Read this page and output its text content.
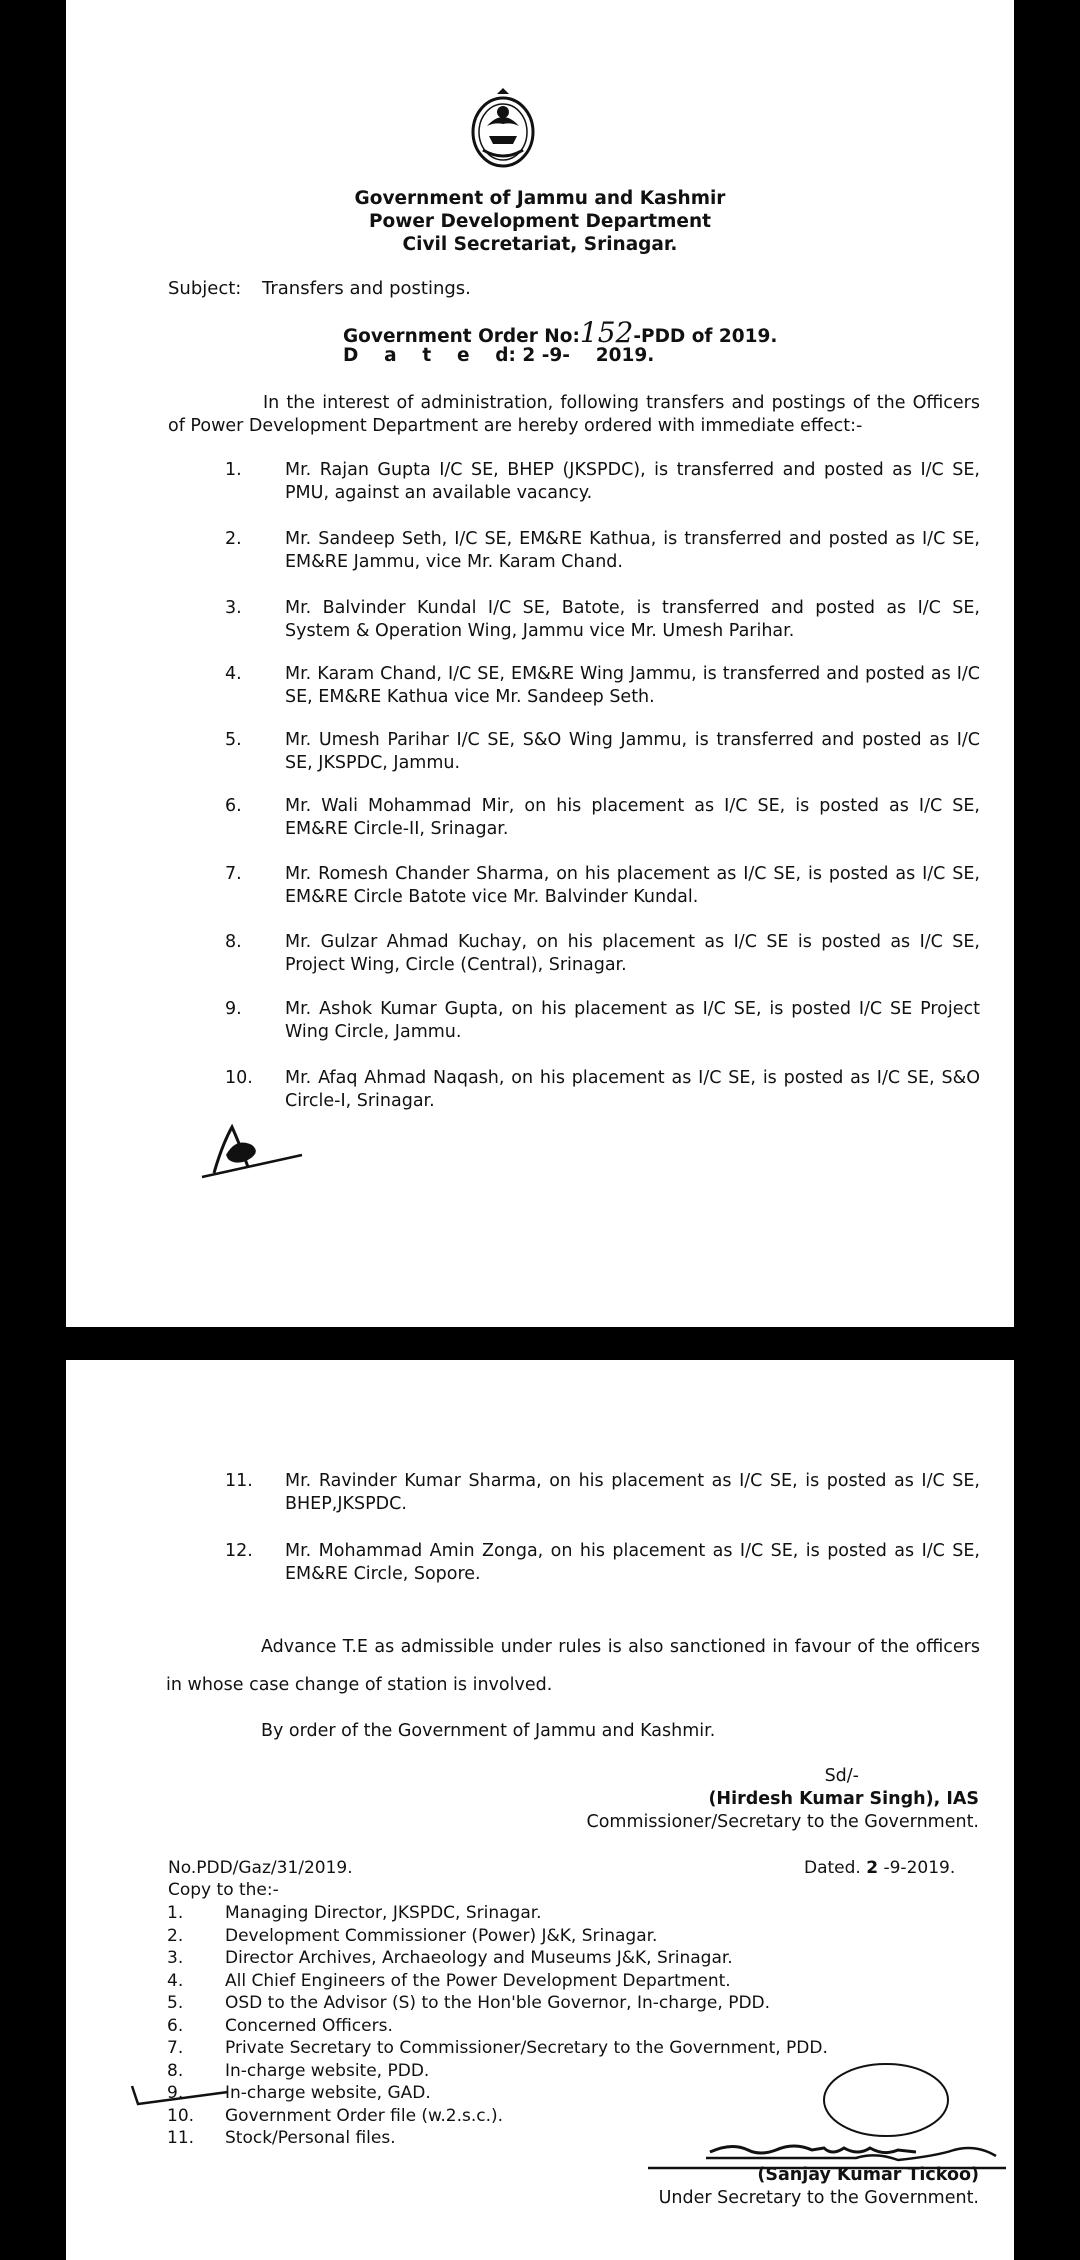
Government of Jammu and Kashmir
Power Development Department
Civil Secretariat, Srinagar.
Subject: Transfers and postings.
Government Order No:152-PDD of 2019.
D    a    t    e    d: 2 -9-    2019.
In the interest of administration, following transfers and postings of the Officers of Power Development Department are hereby ordered with immediate effect:-
1.	Mr. Rajan Gupta I/C SE, BHEP (JKSPDC), is transferred and posted as I/C SE, PMU, against an available vacancy.
2.	Mr. Sandeep Seth, I/C SE, EM&RE Kathua, is transferred and posted as I/C SE, EM&RE Jammu, vice Mr. Karam Chand.
3.	Mr. Balvinder Kundal I/C SE, Batote, is transferred and posted as I/C SE, System & Operation Wing, Jammu vice Mr. Umesh Parihar.
4.	Mr. Karam Chand, I/C SE, EM&RE Wing Jammu, is transferred and posted as I/C SE, EM&RE Kathua vice Mr. Sandeep Seth.
5.	Mr. Umesh Parihar I/C SE, S&O Wing Jammu, is transferred and posted as I/C SE, JKSPDC, Jammu.
6.	Mr. Wali Mohammad Mir, on his placement as I/C SE, is posted as I/C SE, EM&RE Circle-II, Srinagar.
7.	Mr. Romesh Chander Sharma, on his placement as I/C SE, is posted as I/C SE, EM&RE Circle Batote vice Mr. Balvinder Kundal.
8.	Mr. Gulzar Ahmad Kuchay, on his placement as I/C SE is posted as I/C SE, Project Wing, Circle (Central), Srinagar.
9.	Mr. Ashok Kumar Gupta, on his placement as I/C SE, is posted I/C SE Project Wing Circle, Jammu.
10.	Mr. Afaq Ahmad Naqash, on his placement as I/C SE, is posted as I/C SE, S&O Circle-I, Srinagar.
11.	Mr. Ravinder Kumar Sharma, on his placement as I/C SE, is posted as I/C SE, BHEP,JKSPDC.
12.	Mr. Mohammad Amin Zonga, on his placement as I/C SE, is posted as I/C SE, EM&RE Circle, Sopore.
Advance T.E as admissible under rules is also sanctioned in favour of the officers in whose case change of station is involved.
By order of the Government of Jammu and Kashmir.
Sd/-
(Hirdesh Kumar Singh), IAS
Commissioner/Secretary to the Government.
No.PDD/Gaz/31/2019.	Dated. 2 -9-2019.
Copy to the:-
1.	Managing Director, JKSPDC, Srinagar.
2.	Development Commissioner (Power) J&K, Srinagar.
3.	Director Archives, Archaeology and Museums J&K, Srinagar.
4.	All Chief Engineers of the Power Development Department.
5.	OSD to the Advisor (S) to the Hon'ble Governor, In-charge, PDD.
6.	Concerned Officers.
7.	Private Secretary to Commissioner/Secretary to the Government, PDD.
8.	In-charge website, PDD.
9.	In-charge website, GAD.
10.	Government Order file (w.2.s.c.).
11.	Stock/Personal files.
(Sanjay Kumar Tickoo)
Under Secretary to the Government.
